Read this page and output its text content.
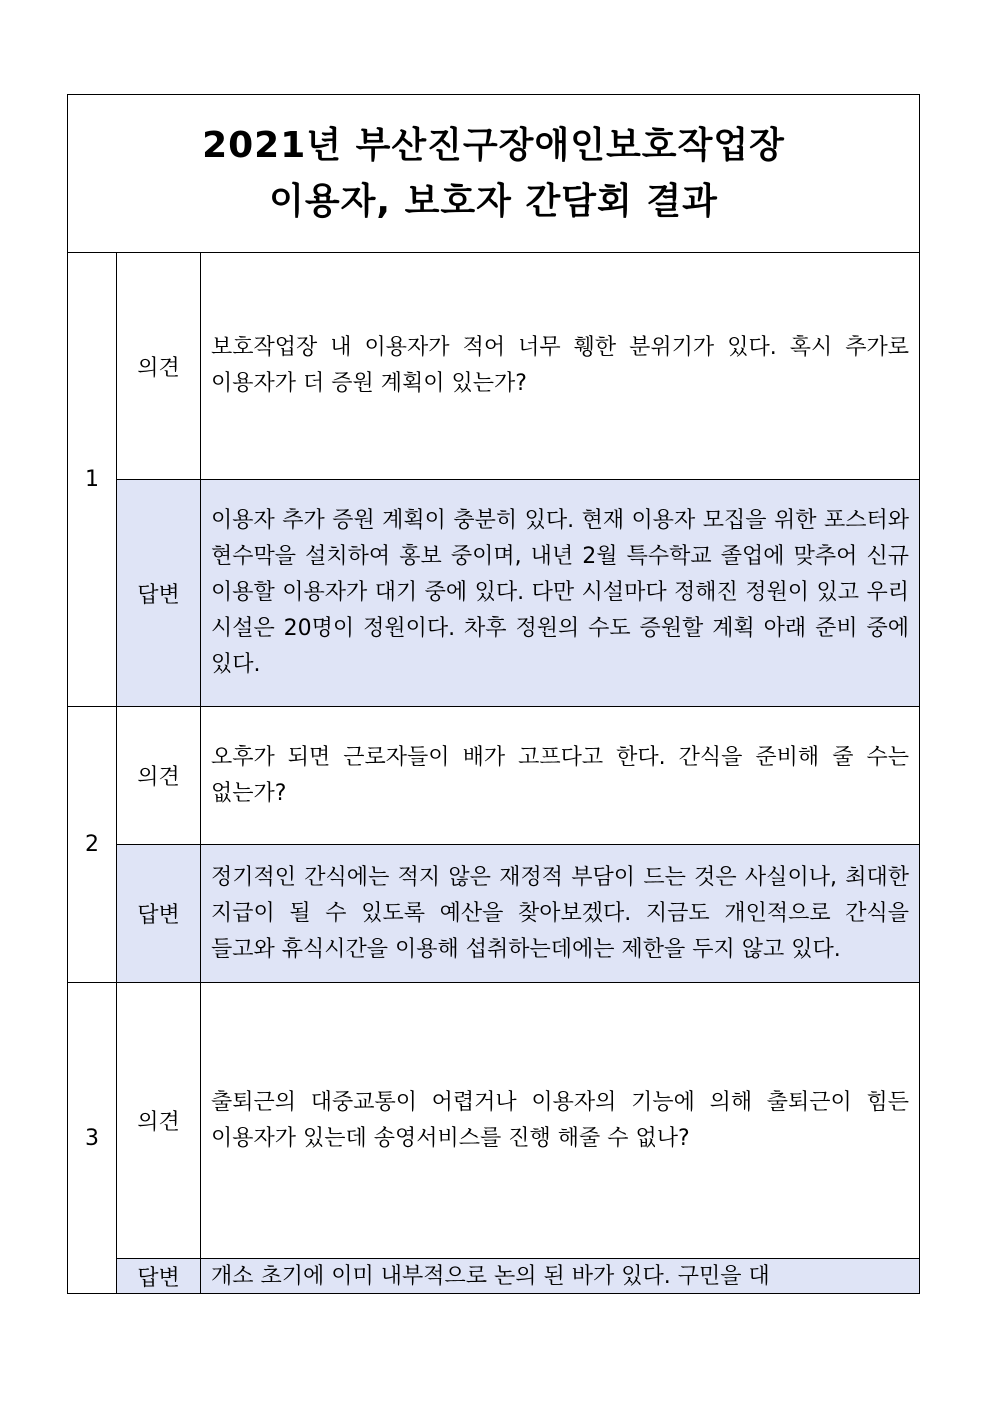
2021년 부산진구장애인보호작업장
이용자, 보호자 간담회 결과		

1	의견	보호작업장 내 이용자가 적어 너무 휑한 분위기가 있다. 혹시 추가로 이용자가 더 증원 계획이 있는가?
	답변	이용자 추가 증원 계획이 충분히 있다. 현재 이용자 모집을 위한 포스터와 현수막을 설치하여 홍보 중이며, 내년 2월 특수학교 졸업에 맞추어 신규 이용할 이용자가 대기 중에 있다. 다만 시설마다 정해진 정원이 있고 우리 시설은 20명이 정원이다. 차후 정원의 수도 증원할 계획 아래 준비 중에 있다.
2	의견	오후가 되면 근로자들이 배가 고프다고 한다. 간식을 준비해 줄 수는 없는가?
	답변	정기적인 간식에는 적지 않은 재정적 부담이 드는 것은 사실이나, 최대한 지급이 될 수 있도록 예산을 찾아보겠다. 지금도 개인적으로 간식을 들고와 휴식시간을 이용해 섭취하는데에는 제한을 두지 않고 있다.
3	의견	출퇴근의 대중교통이 어렵거나 이용자의 기능에 의해 출퇴근이 힘든 이용자가 있는데 송영서비스를 진행 해줄 수 없나?
	답변	개소 초기에 이미 내부적으로 논의 된 바가 있다. 구민을 대
